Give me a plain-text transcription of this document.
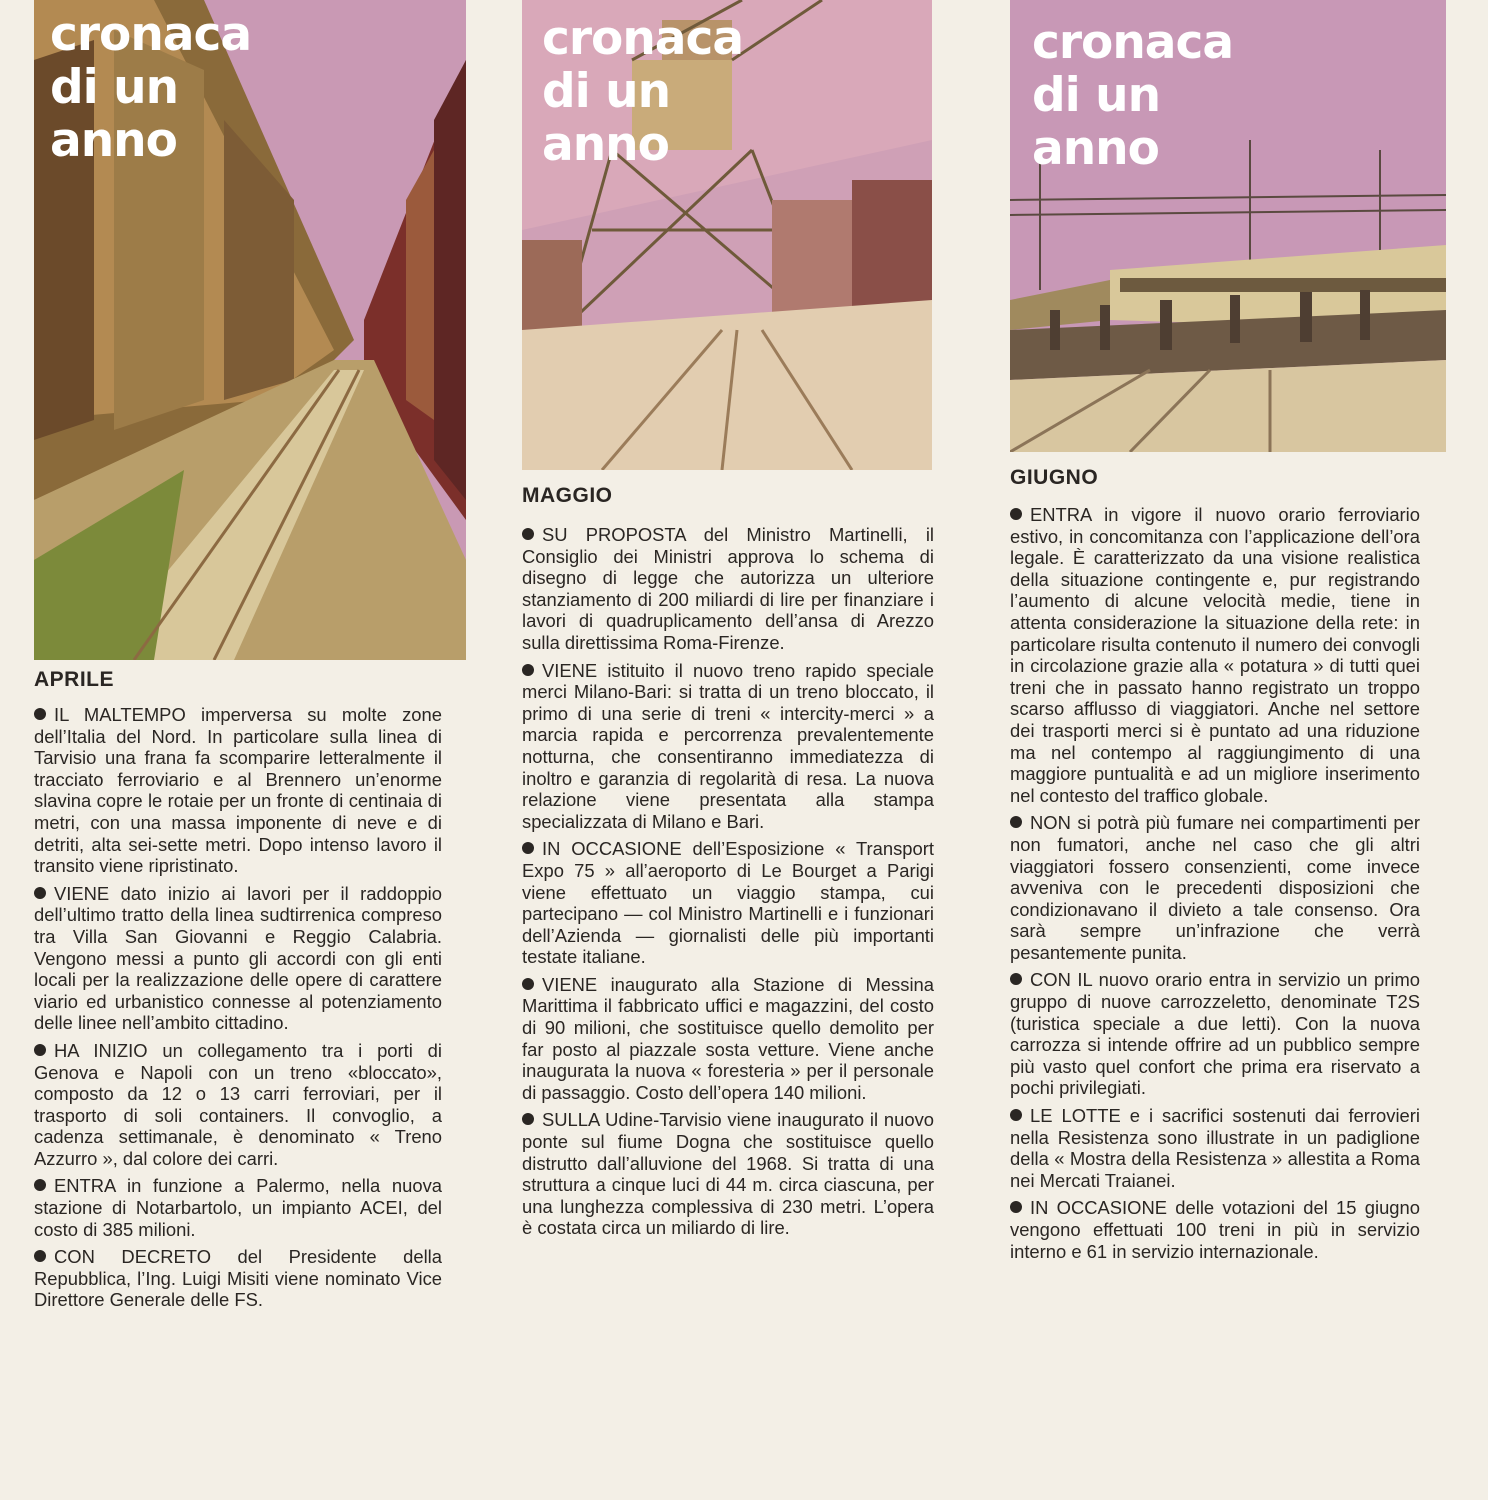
cronaca
di un
anno
APRILE

IL MALTEMPO imperversa su molte zone dell’Italia del Nord. In particolare sulla linea di Tarvisio una frana fa scomparire letteralmente il tracciato ferroviario e al Brennero un’enorme slavina copre le rotaie per un fronte di centinaia di metri, con una massa imponente di neve e di detriti, alta sei-sette metri. Dopo intenso lavoro il transito viene ripristinato.

VIENE dato inizio ai lavori per il raddoppio dell’ultimo tratto della linea sudtirrenica compreso tra Villa San Giovanni e Reggio Calabria. Vengono messi a punto gli accordi con gli enti locali per la realizzazione delle opere di carattere viario ed urbanistico connesse al potenziamento delle linee nell’ambito cittadino.

HA INIZIO un collegamento tra i porti di Genova e Napoli con un treno «bloccato», composto da 12 o 13 carri ferroviari, per il trasporto di soli containers. Il convoglio, a cadenza settimanale, è denominato « Treno Azzurro », dal colore dei carri.

ENTRA in funzione a Palermo, nella nuova stazione di Notarbartolo, un impianto ACEI, del costo di 385 milioni.

CON DECRETO del Presidente della Repubblica, l’Ing. Luigi Misiti viene nominato Vice Direttore Generale delle FS.

cronaca
di un
anno
MAGGIO

SU PROPOSTA del Ministro Martinelli, il Consiglio dei Ministri approva lo schema di disegno di legge che autorizza un ulteriore stanziamento di 200 miliardi di lire per finanziare i lavori di quadruplicamento dell’ansa di Arezzo sulla direttissima Roma-Firenze.

VIENE istituito il nuovo treno rapido speciale merci Milano-Bari: si tratta di un treno bloccato, il primo di una serie di treni « intercity-merci » a marcia rapida e percorrenza prevalentemente notturna, che consentiranno immediatezza di inoltro e garanzia di regolarità di resa. La nuova relazione viene presentata alla stampa specializzata di Milano e Bari.

IN OCCASIONE dell’Esposizione « Transport Expo 75 » all’aeroporto di Le Bourget a Parigi viene effettuato un viaggio stampa, cui partecipano — col Ministro Martinelli e i funzionari dell’Azienda — giornalisti delle più importanti testate italiane.

VIENE inaugurato alla Stazione di Messina Marittima il fabbricato uffici e magazzini, del costo di 90 milioni, che sostituisce quello demolito per far posto al piazzale sosta vetture. Viene anche inaugurata la nuova « foresteria » per il personale di passaggio. Costo dell’opera 140 milioni.

SULLA Udine-Tarvisio viene inaugurato il nuovo ponte sul fiume Dogna che sostituisce quello distrutto dall’alluvione del 1968. Si tratta di una struttura a cinque luci di 44 m. circa ciascuna, per una lunghezza complessiva di 230 metri. L’opera è costata circa un miliardo di lire.

cronaca
di un
anno
GIUGNO

ENTRA in vigore il nuovo orario ferroviario estivo, in concomitanza con l’applicazione dell’ora legale. È caratterizzato da una visione realistica della situazione contingente e, pur registrando l’aumento di alcune velocità medie, tiene in attenta considerazione la situazione della rete: in particolare risulta contenuto il numero dei convogli in circolazione grazie alla « potatura » di tutti quei treni che in passato hanno registrato un troppo scarso afflusso di viaggiatori. Anche nel settore dei trasporti merci si è puntato ad una riduzione ma nel contempo al raggiungimento di una maggiore puntualità e ad un migliore inserimento nel contesto del traffico globale.

NON si potrà più fumare nei compartimenti per non fumatori, anche nel caso che gli altri viaggiatori fossero consenzienti, come invece avveniva con le precedenti disposizioni che condizionavano il divieto a tale consenso. Ora sarà sempre un’infrazione che verrà pesantemente punita.

CON IL nuovo orario entra in servizio un primo gruppo di nuove carrozzeletto, denominate T2S (turistica speciale a due letti). Con la nuova carrozza si intende offrire ad un pubblico sempre più vasto quel confort che prima era riservato a pochi privilegiati.

LE LOTTE e i sacrifici sostenuti dai ferrovieri nella Resistenza sono illustrate in un padiglione della « Mostra della Resistenza » allestita a Roma nei Mercati Traianei.

IN OCCASIONE delle votazioni del 15 giugno vengono effettuati 100 treni in più in servizio interno e 61 in servizio internazionale.
